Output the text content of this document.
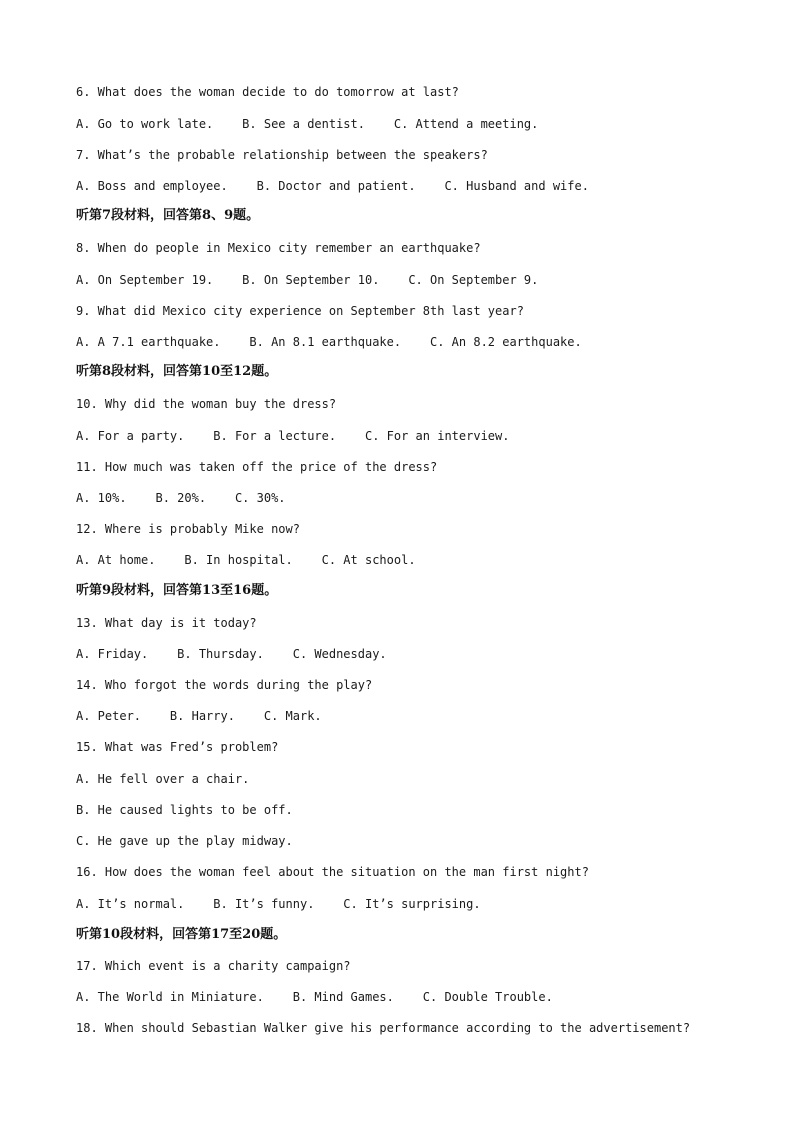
6. What does the woman decide to do tomorrow at last?
A. Go to work late.    B. See a dentist.    C. Attend a meeting.
7. What’s the probable relationship between the speakers?
A. Boss and employee.    B. Doctor and patient.    C. Husband and wife.
听第7段材料，回答第8、9题。
8. When do people in Mexico city remember an earthquake?
A. On September 19.    B. On September 10.    C. On September 9.
9. What did Mexico city experience on September 8th last year?
A. A 7.1 earthquake.    B. An 8.1 earthquake.    C. An 8.2 earthquake.
听第8段材料，回答第10至12题。
10. Why did the woman buy the dress?
A. For a party.    B. For a lecture.    C. For an interview.
11. How much was taken off the price of the dress?
A. 10%.    B. 20%.    C. 30%.
12. Where is probably Mike now?
A. At home.    B. In hospital.    C. At school.
听第9段材料，回答第13至16题。
13. What day is it today?
A. Friday.    B. Thursday.    C. Wednesday.
14. Who forgot the words during the play?
A. Peter.    B. Harry.    C. Mark.
15. What was Fred’s problem?
A. He fell over a chair.
B. He caused lights to be off.
C. He gave up the play midway.
16. How does the woman feel about the situation on the man first night?
A. It’s normal.    B. It’s funny.    C. It’s surprising.
听第10段材料，回答第17至20题。
17. Which event is a charity campaign?
A. The World in Miniature.    B. Mind Games.    C. Double Trouble.
18. When should Sebastian Walker give his performance according to the advertisement?
